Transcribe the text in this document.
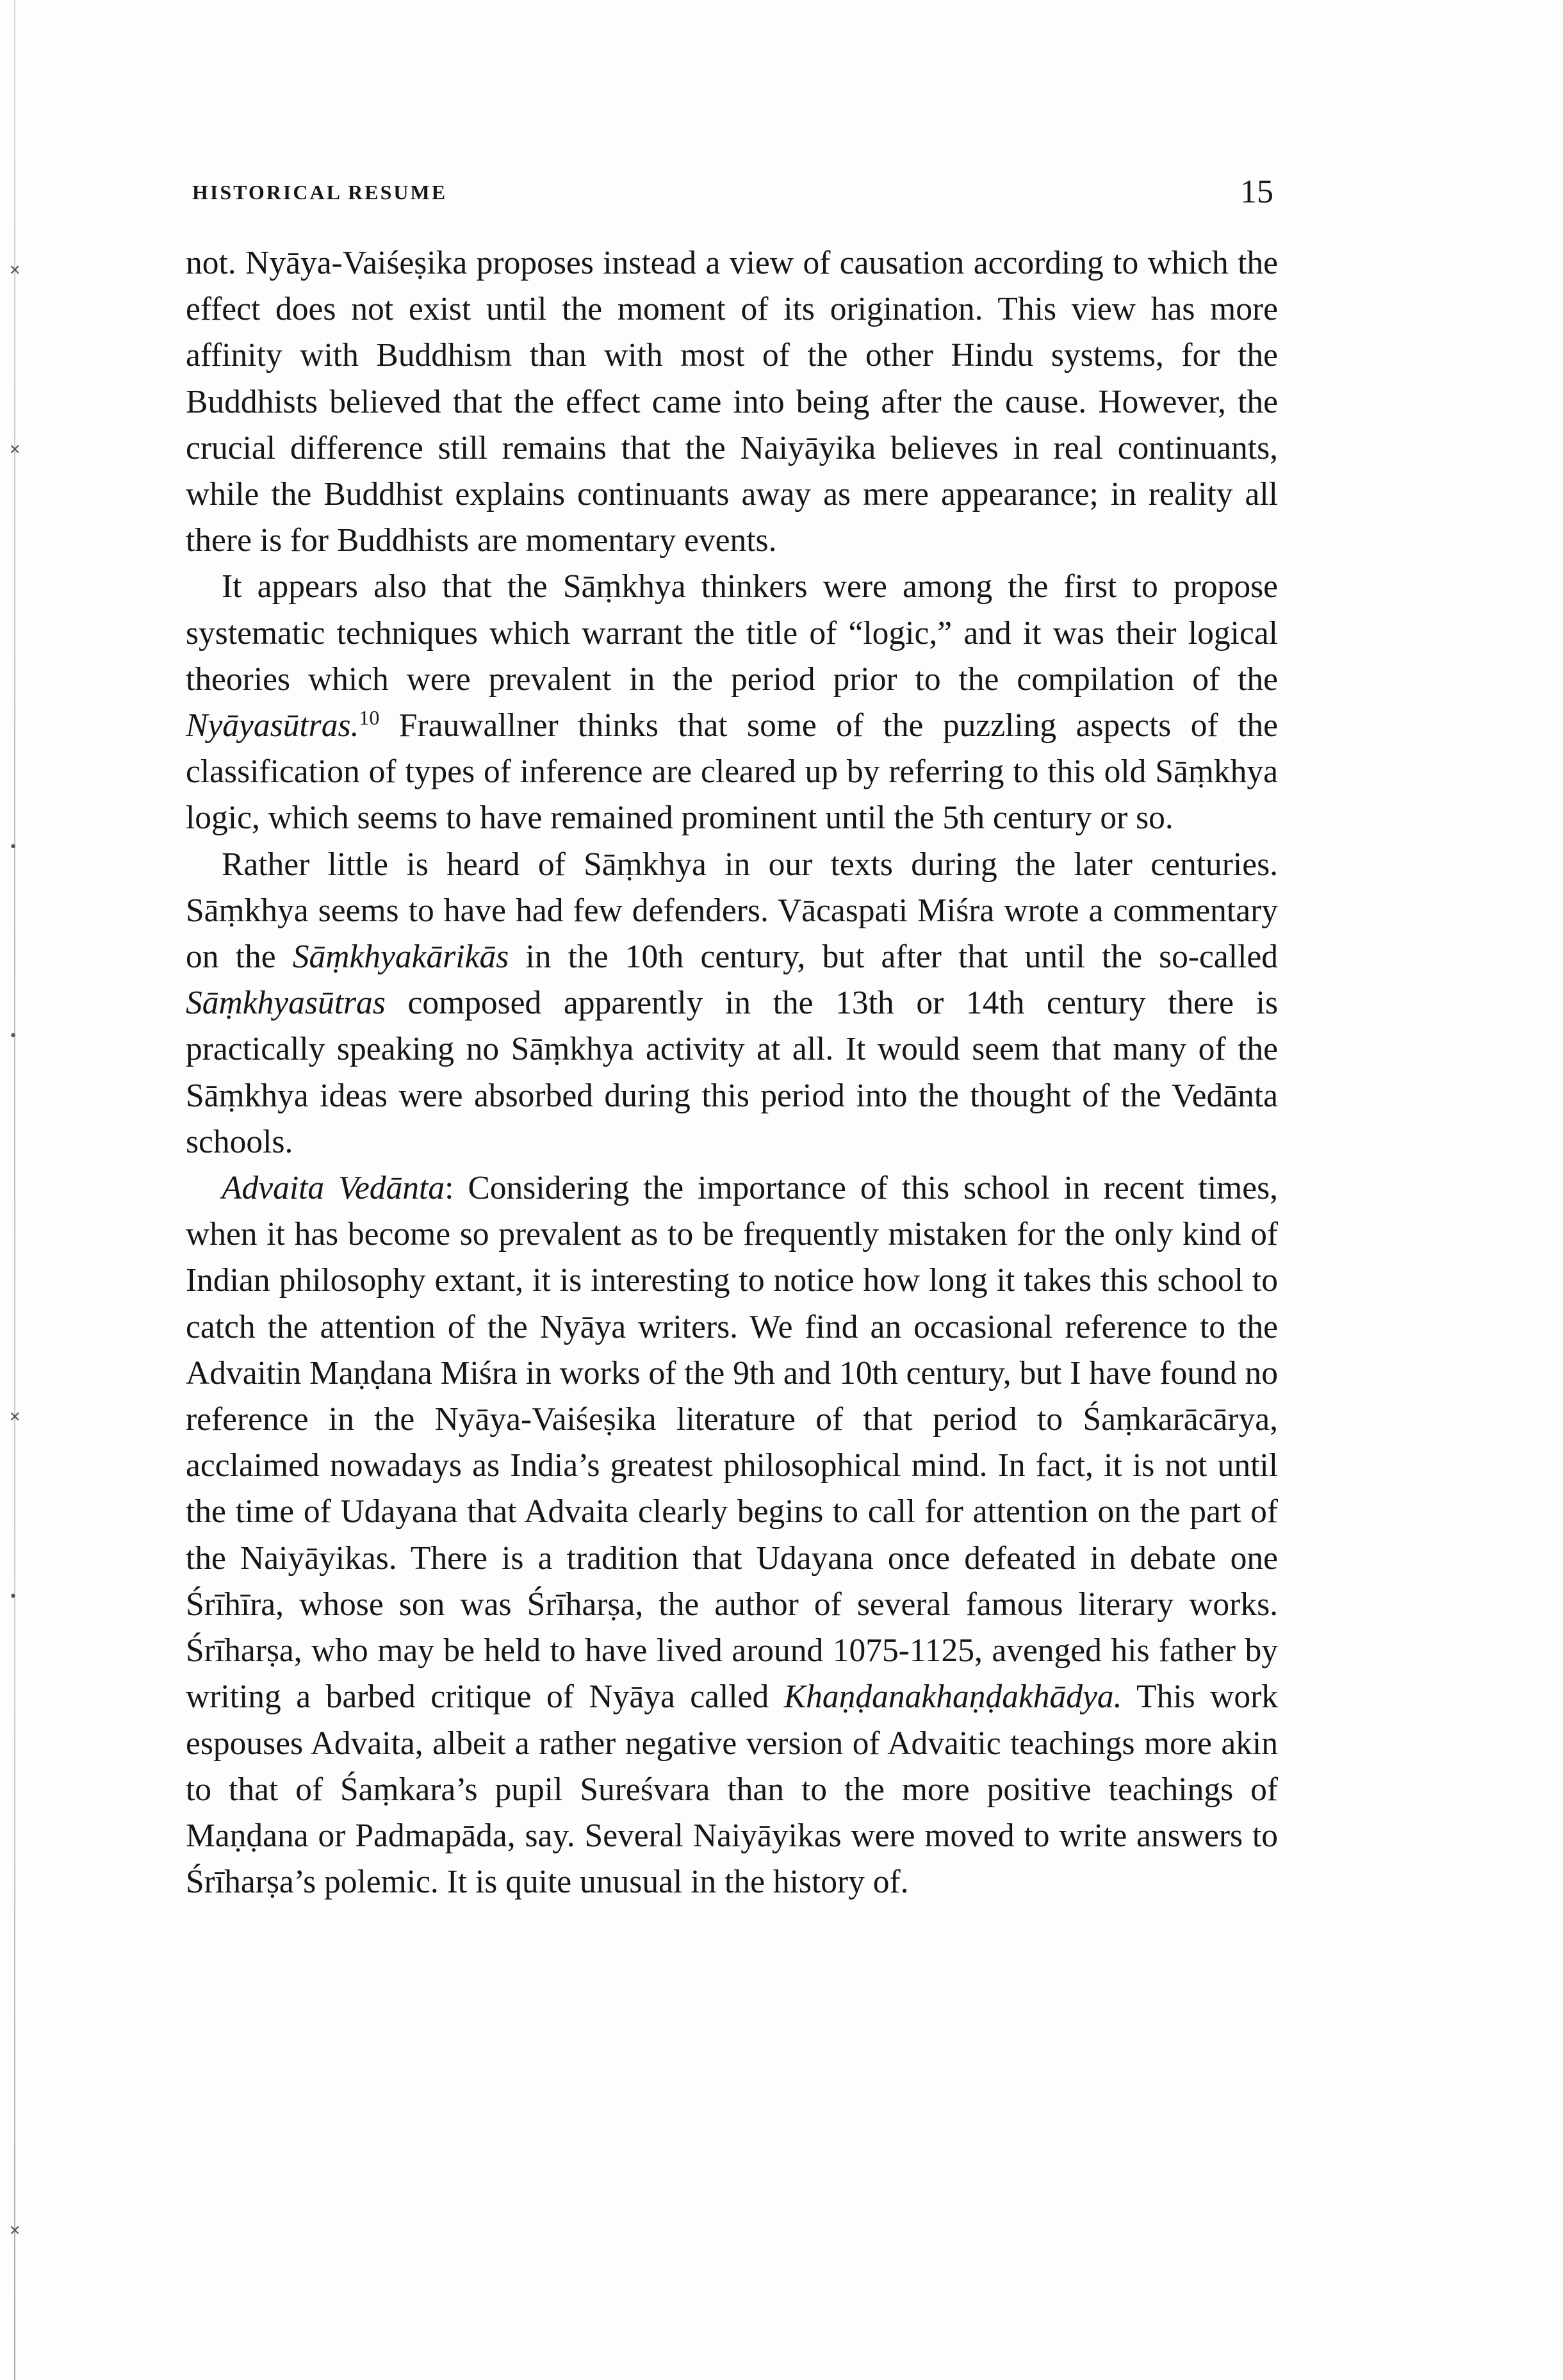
✕
✕
•
•
✕
•
✕
HISTORICAL RESUME	15

not. Nyāya-Vaiśeṣika proposes instead a view of causation according to which the effect does not exist until the moment of its origination. This view has more affinity with Buddhism than with most of the other Hindu systems, for the Buddhists believed that the effect came into being after the cause. However, the crucial difference still remains that the Naiyāyika believes in real continuants, while the Buddhist explains continuants away as mere appearance; in reality all there is for Buddhists are momentary events.

It appears also that the Sāṃkhya thinkers were among the first to propose systematic techniques which warrant the title of “logic,” and it was their logical theories which were prevalent in the period prior to the compilation of the Nyāyasūtras.$^{10}$ Frauwallner thinks that some of the puzzling aspects of the classification of types of inference are cleared up by referring to this old Sāṃkhya logic, which seems to have remained prominent until the 5th century or so.

Rather little is heard of Sāṃkhya in our texts during the later centuries. Sāṃkhya seems to have had few defenders. Vācaspati Miśra wrote a commentary on the Sāṃkhyakārikās in the 10th century, but after that until the so-called Sāṃkhyasūtras composed apparently in the 13th or 14th century there is practically speaking no Sāṃkhya activity at all. It would seem that many of the Sāṃkhya ideas were absorbed during this period into the thought of the Vedānta schools.

Advaita Vedānta: Considering the importance of this school in recent times, when it has become so prevalent as to be frequently mistaken for the only kind of Indian philosophy extant, it is interesting to notice how long it takes this school to catch the attention of the Nyāya writers. We find an occasional reference to the Advaitin Maṇḍana Miśra in works of the 9th and 10th century, but I have found no reference in the Nyāya-Vaiśeṣika literature of that period to Śaṃkarācārya, acclaimed nowadays as India’s greatest philosophical mind. In fact, it is not until the time of Udayana that Advaita clearly begins to call for attention on the part of the Naiyāyikas. There is a tradition that Udayana once defeated in debate one Śrīhīra, whose son was Śrīharṣa, the author of several famous literary works. Śrīharṣa, who may be held to have lived around 1075-1125, avenged his father by writing a barbed critique of Nyāya called Khaṇḍanakhaṇḍakhādya. This work espouses Advaita, albeit a rather negative version of Advaitic teachings more akin to that of Śaṃkara’s pupil Sureśvara than to the more positive teachings of Maṇḍana or Padmapāda, say. Several Naiyāyikas were moved to write answers to Śrīharṣa’s polemic. It is quite unusual in the history of.
